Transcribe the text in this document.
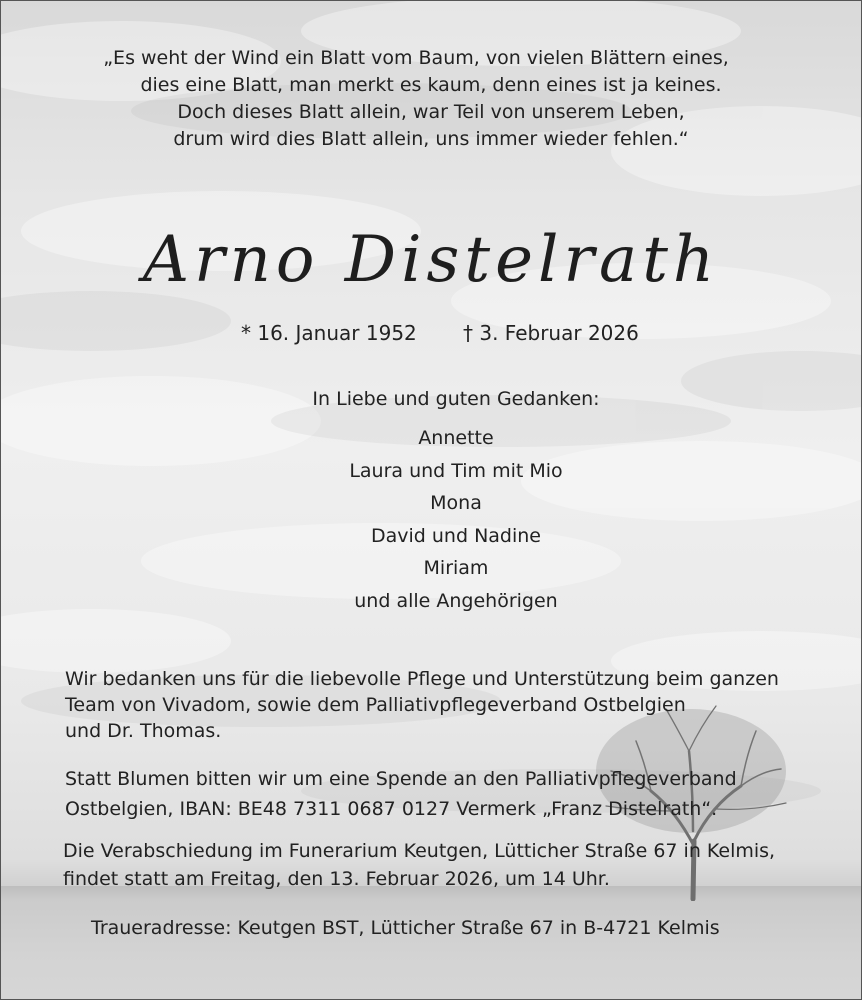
„Es weht der Wind ein Blatt vom Baum, von vielen Blättern eines,
dies eine Blatt, man merkt es kaum, denn eines ist ja keines.
Doch dieses Blatt allein, war Teil von unserem Leben,
drum wird dies Blatt allein, uns immer wieder fehlen.“
Arno Distelrath
* 16. Januar 1952 † 3. Februar 2026
In Liebe und guten Gedanken:
Annette
Laura und Tim mit Mio
Mona
David und Nadine
Miriam
und alle Angehörigen
Wir bedanken uns für die liebevolle Pflege und Unterstützung beim ganzen
Team von Vivadom, sowie dem Palliativpflegeverband Ostbelgien
und Dr. Thomas.
Statt Blumen bitten wir um eine Spende an den Palliativpflegeverband
Ostbelgien, IBAN: BE48 7311 0687 0127 Vermerk „Franz Distelrath“.
Die Verabschiedung im Funerarium Keutgen, Lütticher Straße 67 in Kelmis,
findet statt am Freitag, den 13. Februar 2026, um 14 Uhr.
Traueradresse: Keutgen BST, Lütticher Straße 67 in B-4721 Kelmis
